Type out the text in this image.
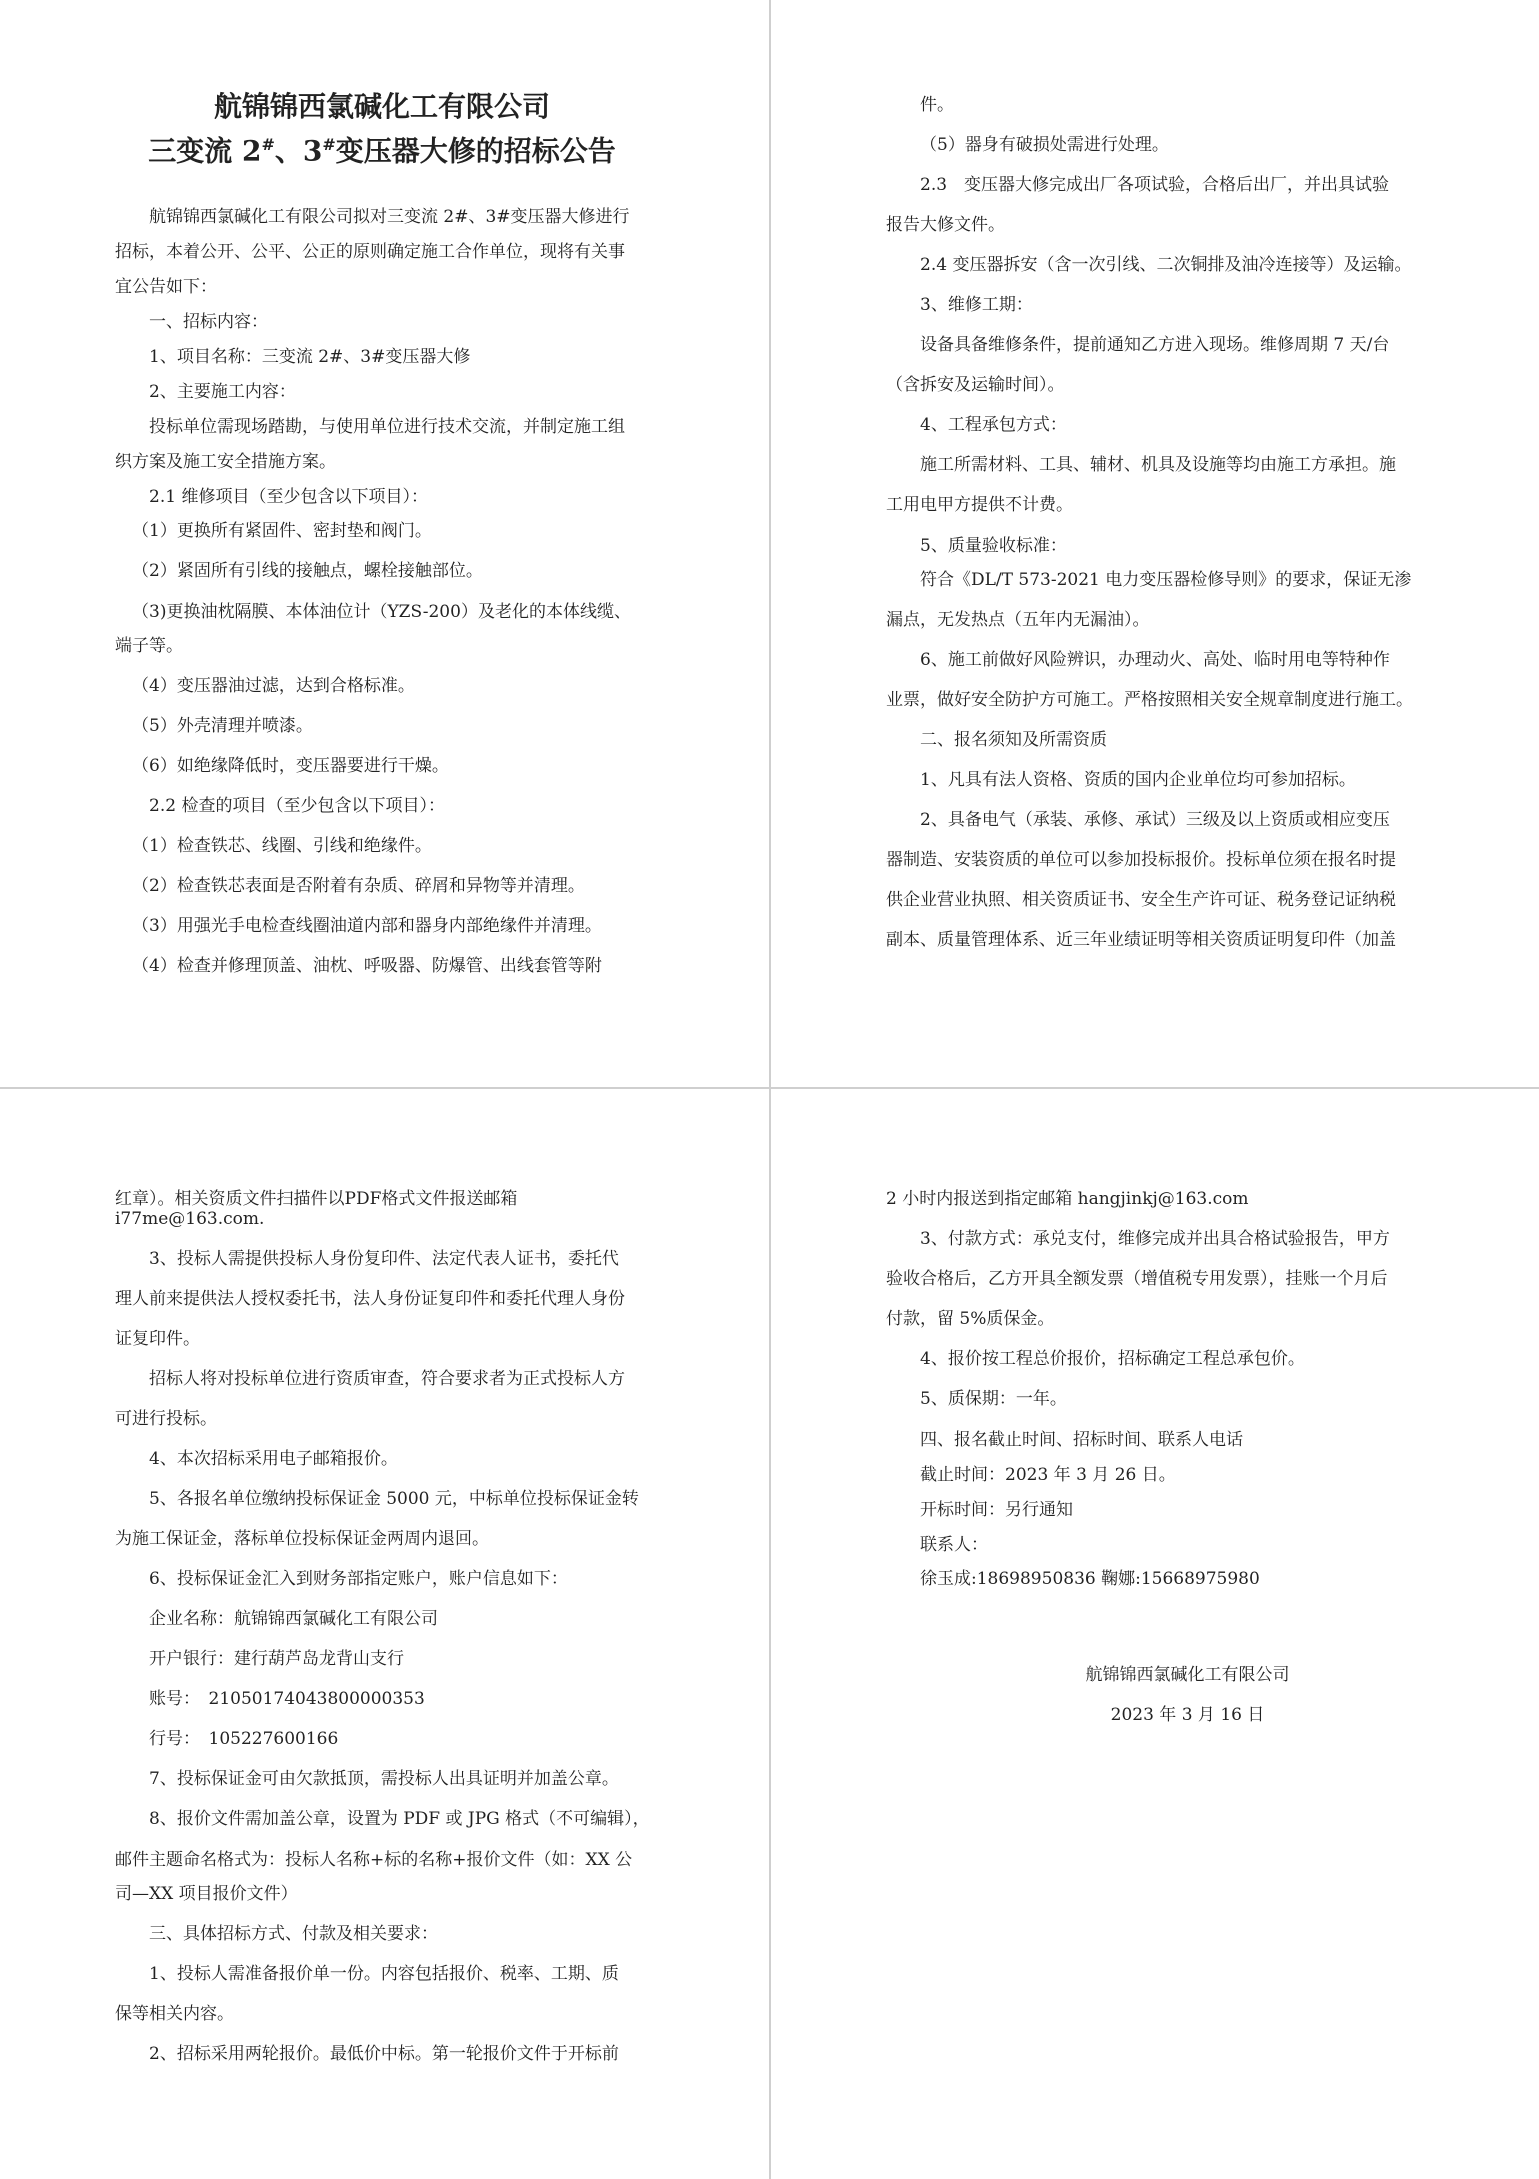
航锦锦西氯碱化工有限公司

三变流 2#、3#变压器大修的招标公告

航锦锦西氯碱化工有限公司拟对三变流 2#、3#变压器大修进行

招标，本着公开、公平、公正的原则确定施工合作单位，现将有关事

宜公告如下：

一、招标内容：

1、项目名称：三变流 2#、3#变压器大修

2、主要施工内容：

投标单位需现场踏勘，与使用单位进行技术交流，并制定施工组

织方案及施工安全措施方案。

2.1 维修项目（至少包含以下项目）：

（1）更换所有紧固件、密封垫和阀门。

（2）紧固所有引线的接触点，螺栓接触部位。

（3)更换油枕隔膜、本体油位计（YZS-200）及老化的本体线缆、

端子等。

（4）变压器油过滤，达到合格标准。

（5）外壳清理并喷漆。

（6）如绝缘降低时，变压器要进行干燥。

2.2 检查的项目（至少包含以下项目）：

（1）检查铁芯、线圈、引线和绝缘件。

（2）检查铁芯表面是否附着有杂质、碎屑和异物等并清理。

（3）用强光手电检查线圈油道内部和器身内部绝缘件并清理。

（4）检查并修理顶盖、油枕、呼吸器、防爆管、出线套管等附

件。

（5）器身有破损处需进行处理。

2.3　变压器大修完成出厂各项试验，合格后出厂，并出具试验

报告大修文件。

2.4 变压器拆安（含一次引线、二次铜排及油冷连接等）及运输。

3、维修工期：

设备具备维修条件，提前通知乙方进入现场。维修周期 7 天/台

（含拆安及运输时间）。

4、工程承包方式：

施工所需材料、工具、辅材、机具及设施等均由施工方承担。施

工用电甲方提供不计费。

5、质量验收标准：

符合《DL/T 573-2021 电力变压器检修导则》的要求，保证无渗

漏点，无发热点（五年内无漏油）。

6、施工前做好风险辨识，办理动火、高处、临时用电等特种作

业票，做好安全防护方可施工。严格按照相关安全规章制度进行施工。

二、报名须知及所需资质

1、凡具有法人资格、资质的国内企业单位均可参加招标。

2、具备电气（承装、承修、承试）三级及以上资质或相应变压

器制造、安装资质的单位可以参加投标报价。投标单位须在报名时提

供企业营业执照、相关资质证书、安全生产许可证、税务登记证纳税

副本、质量管理体系、近三年业绩证明等相关资质证明复印件（加盖

红章）。相关资质文件扫描件以PDF格式文件报送邮箱i77me@163.com.

3、投标人需提供投标人身份复印件、法定代表人证书，委托代

理人前来提供法人授权委托书，法人身份证复印件和委托代理人身份

证复印件。

招标人将对投标单位进行资质审查，符合要求者为正式投标人方

可进行投标。

4、本次招标采用电子邮箱报价。

5、各报名单位缴纳投标保证金 5000 元，中标单位投标保证金转

为施工保证金，落标单位投标保证金两周内退回。

6、投标保证金汇入到财务部指定账户，账户信息如下：

企业名称：航锦锦西氯碱化工有限公司

开户银行：建行葫芦岛龙背山支行

账号：　21050174043800000353

行号：　105227600166

7、投标保证金可由欠款抵顶，需投标人出具证明并加盖公章。

8、报价文件需加盖公章，设置为 PDF 或 JPG 格式（不可编辑），

邮件主题命名格式为：投标人名称+标的名称+报价文件（如：XX 公

司—XX 项目报价文件）

三、具体招标方式、付款及相关要求：

1、投标人需准备报价单一份。内容包括报价、税率、工期、质

保等相关内容。

2、招标采用两轮报价。最低价中标。第一轮报价文件于开标前

2 小时内报送到指定邮箱 hangjinkj@163.com

3、付款方式：承兑支付，维修完成并出具合格试验报告，甲方

验收合格后，乙方开具全额发票（增值税专用发票），挂账一个月后

付款，留 5%质保金。

4、报价按工程总价报价，招标确定工程总承包价。

5、质保期：一年。

四、报名截止时间、招标时间、联系人电话

截止时间：2023 年 3 月 26 日。

开标时间：另行通知

联系人：

徐玉成:18698950836 鞠娜:15668975980

航锦锦西氯碱化工有限公司

2023 年 3 月 16 日
